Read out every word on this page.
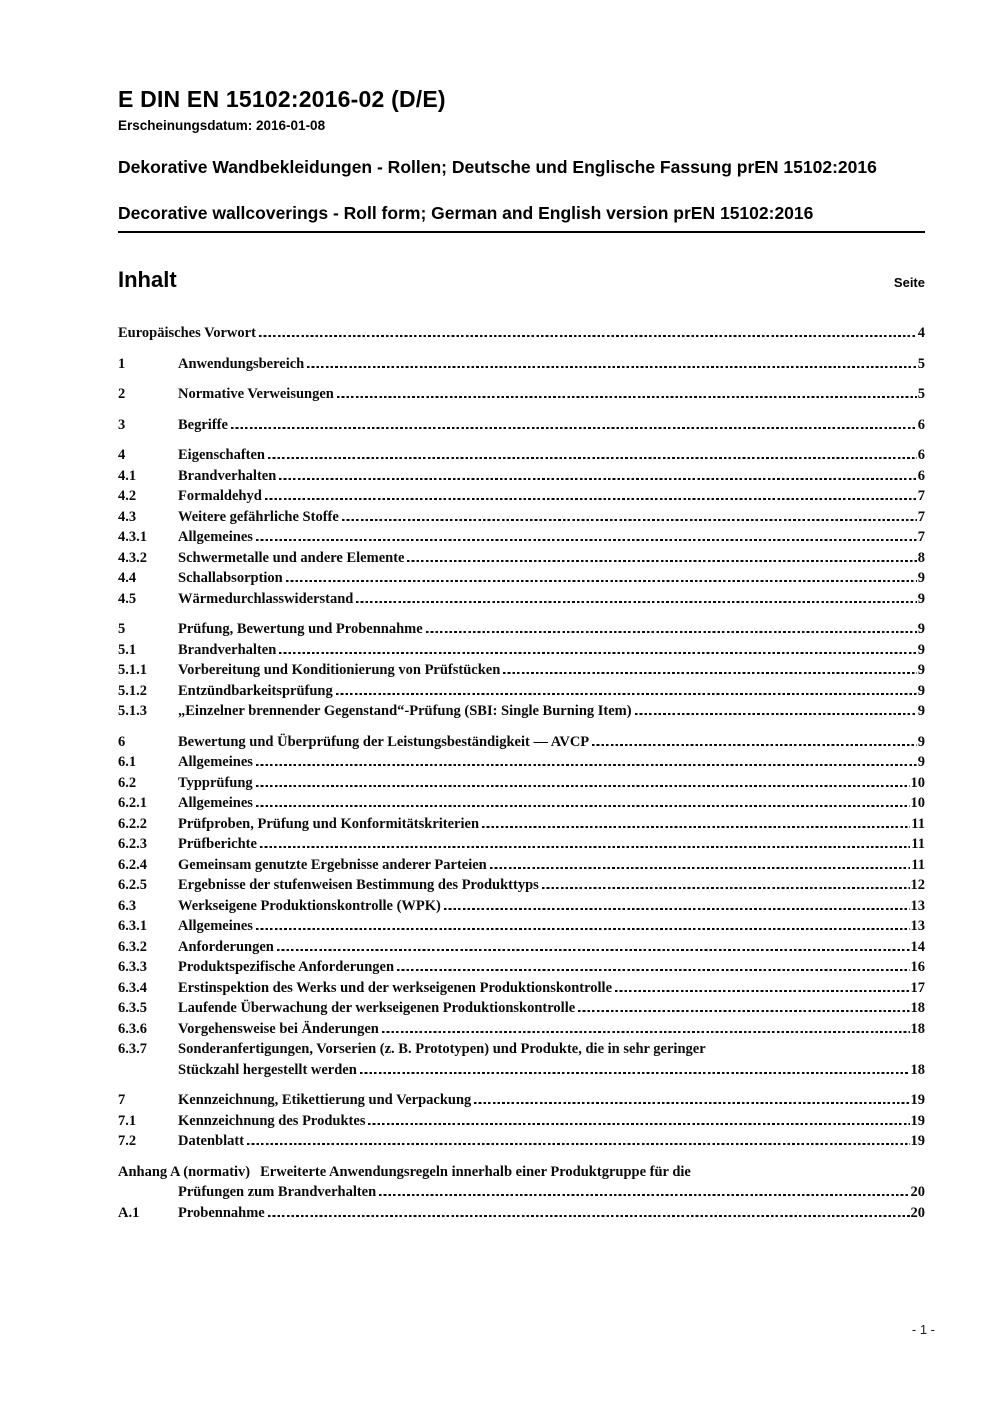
E DIN EN 15102:2016-02 (D/E)
Erscheinungsdatum: 2016-01-08
Dekorative Wandbekleidungen - Rollen; Deutsche und Englische Fassung prEN 15102:2016
Decorative wallcoverings - Roll form; German and English version prEN 15102:2016
Inhalt	Seite
Europäisches Vorwort	4
1	Anwendungsbereich	5
2	Normative Verweisungen	5
3	Begriffe	6
4	Eigenschaften	6
4.1	Brandverhalten	6
4.2	Formaldehyd	7
4.3	Weitere gefährliche Stoffe	7
4.3.1	Allgemeines	7
4.3.2	Schwermetalle und andere Elemente	8
4.4	Schallabsorption	9
4.5	Wärmedurchlasswiderstand	9
5	Prüfung, Bewertung und Probennahme	9
5.1	Brandverhalten	9
5.1.1	Vorbereitung und Konditionierung von Prüfstücken	9
5.1.2	Entzündbarkeitsprüfung	9
5.1.3	„Einzelner brennender Gegenstand“-Prüfung (SBI: Single Burning Item)	9
6	Bewertung und Überprüfung der Leistungsbeständigkeit — AVCP	9
6.1	Allgemeines	9
6.2	Typprüfung	10
6.2.1	Allgemeines	10
6.2.2	Prüfproben, Prüfung und Konformitätskriterien	11
6.2.3	Prüfberichte	11
6.2.4	Gemeinsam genutzte Ergebnisse anderer Parteien	11
6.2.5	Ergebnisse der stufenweisen Bestimmung des Produkttyps	12
6.3	Werkseigene Produktionskontrolle (WPK)	13
6.3.1	Allgemeines	13
6.3.2	Anforderungen	14
6.3.3	Produktspezifische Anforderungen	16
6.3.4	Erstinspektion des Werks und der werkseigenen Produktionskontrolle	17
6.3.5	Laufende Überwachung der werkseigenen Produktionskontrolle	18
6.3.6	Vorgehensweise bei Änderungen	18
6.3.7	Sonderanfertigungen, Vorserien (z. B. Prototypen) und Produkte, die in sehr geringer
Stückzahl hergestellt werden	18
7	Kennzeichnung, Etikettierung und Verpackung	19
7.1	Kennzeichnung des Produktes	19
7.2	Datenblatt	19
Anhang A (normativ) Erweiterte Anwendungsregeln innerhalb einer Produktgruppe für die
Prüfungen zum Brandverhalten	20
A.1	Probennahme	20
- 1 -
